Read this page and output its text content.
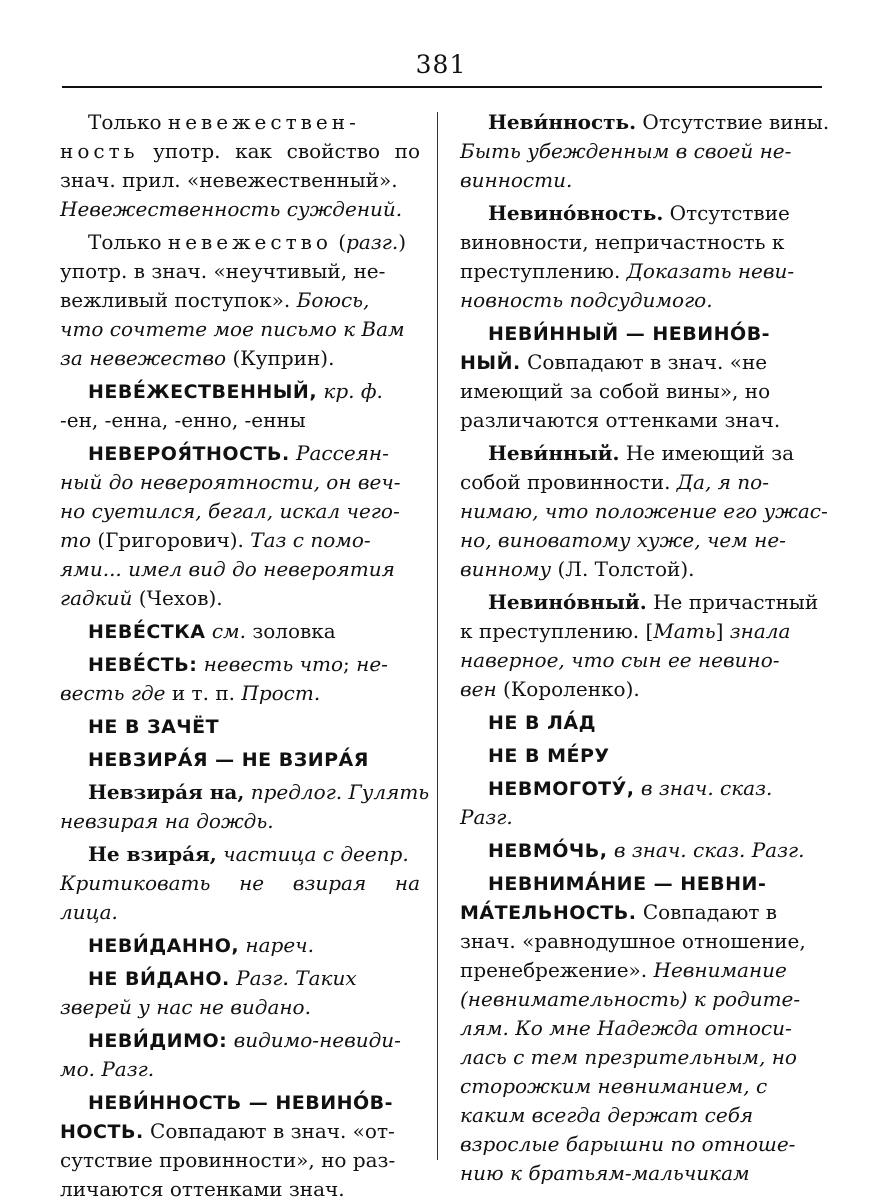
381
Только невежествен-
ность употр. как свойство по
знач. прил. «невежественный».
Невежественность суждений.
Только невежество (разг.)
употр. в знач. «неучтивый, не-
вежливый поступок». Боюсь,
что сочтете мое письмо к Вам
за невежество (Куприн).
НЕВЕ́ЖЕСТВЕННЫЙ, кр. ф.
-ен, -енна, -енно, -енны
НЕВЕРОЯ́ТНОСТЬ. Рассеян-
ный до невероятности, он веч-
но суетился, бегал, искал чего-
то (Григорович). Таз с помо-
ями... имел вид до невероятия
гадкий (Чехов).
НЕВЕ́СТКА см. золовка
НЕВЕ́СТЬ: невесть что; не-
весть где и т. п. Прост.
НЕ В ЗАЧЁТ
НЕВЗИРА́Я — НЕ ВЗИРА́Я
Невзира́я на, предлог. Гулять
невзирая на дождь.
Не взира́я, частица с деепр.
Критиковать не взирая на
лица.
НЕВИ́ДАННО, нареч.
НЕ ВИ́ДАНО. Разг. Таких
зверей у нас не видано.
НЕВИ́ДИМО: видимо-невиди-
мо. Разг.
НЕВИ́ННОСТЬ — НЕВИНО́В-
НОСТЬ. Совпадают в знач. «от-
сутствие провинности», но раз-
личаются оттенками знач.
Неви́нность. Отсутствие вины.
Быть убежденным в своей не-
винности.
Невино́вность. Отсутствие
виновности, непричастность к
преступлению. Доказать неви-
новность подсудимого.
НЕВИ́ННЫЙ — НЕВИНО́В-
НЫЙ. Совпадают в знач. «не
имеющий за собой вины», но
различаются оттенками знач.
Неви́нный. Не имеющий за
собой провинности. Да, я по-
нимаю, что положение его ужас-
но, виноватому хуже, чем не-
винному (Л. Толстой).
Невино́вный. Не причастный
к преступлению. [Мать] знала
наверное, что сын ее невино-
вен (Короленко).
НЕ В ЛА́Д
НЕ В МЕ́РУ
НЕВМОГОТУ́, в знач. сказ.
Разг.
НЕВМО́ЧЬ, в знач. сказ. Разг.
НЕВНИМА́НИЕ — НЕВНИ-
МА́ТЕЛЬНОСТЬ. Совпадают в
знач. «равнодушное отношение,
пренебрежение». Невнимание
(невнимательность) к родите-
лям. Ко мне Надежда относи-
лась с тем презрительным, но
сторожким невниманием, с
каким всегда держат себя
взрослые барышни по отноше-
нию к братьям-мальчикам
